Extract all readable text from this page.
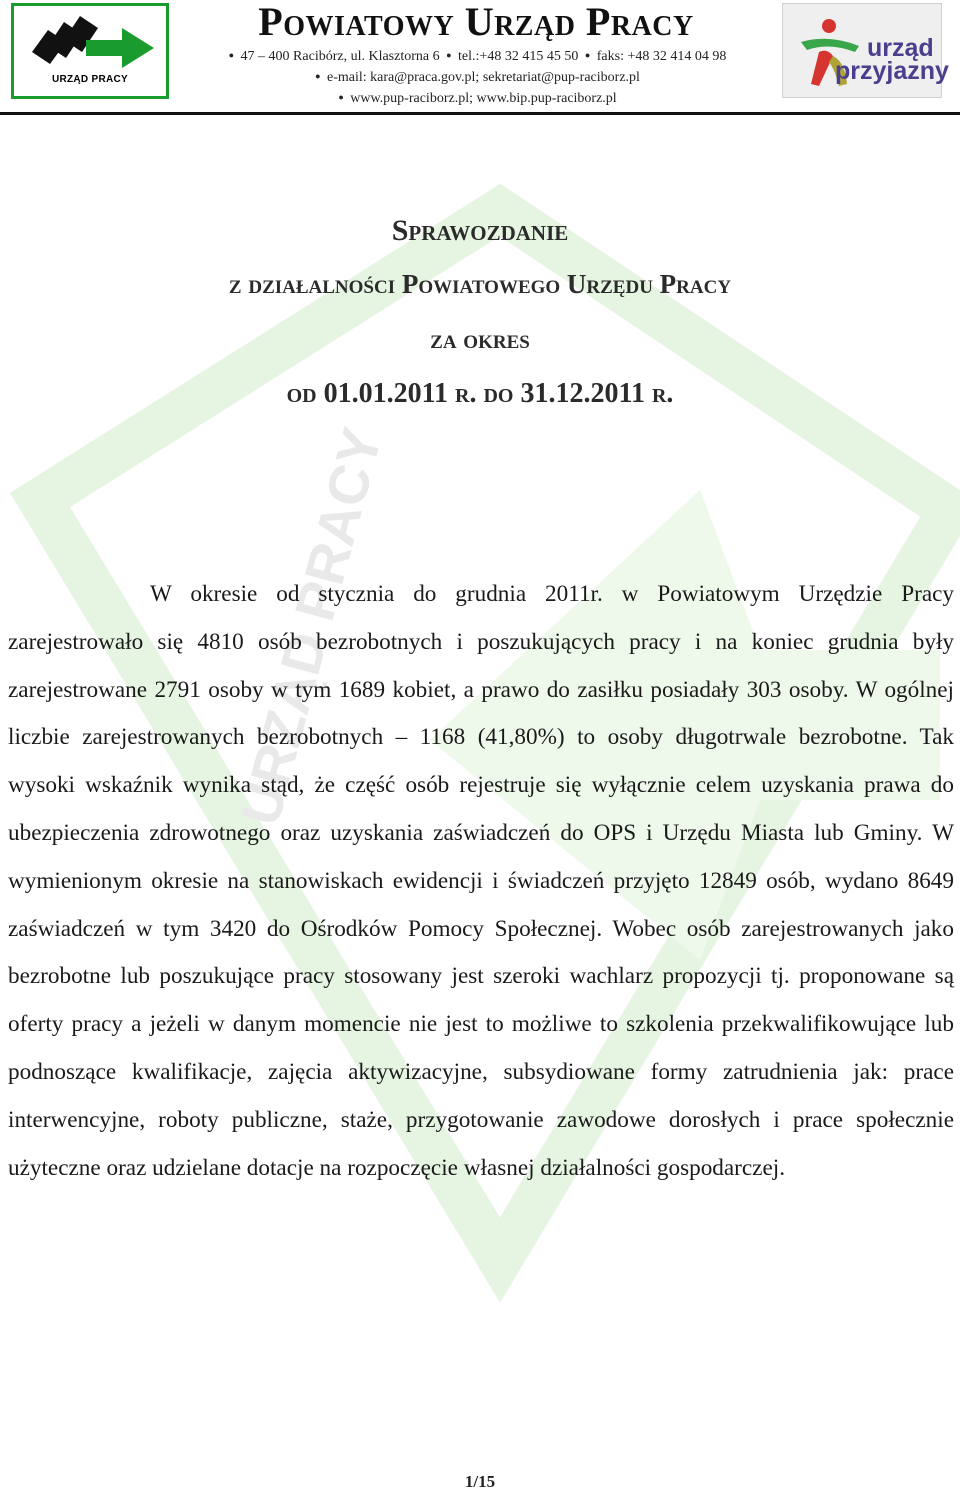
URZĄD PRACY
URZĄD PRACY
Powiatowy Urząd Pracy
● 47 – 400 Racibórz, ul. Klasztorna 6 ● tel.:+48 32 415 45 50 ● faks: +48 32 414 04 98
● e-mail: kara@praca.gov.pl; sekretariat@pup-raciborz.pl
● www.pup-raciborz.pl; www.bip.pup-raciborz.pl
urząd
przyjazny
Sprawozdanie
z działalności Powiatowego Urzędu Pracy
za okres
od 01.01.2011 r. do 31.12.2011 r.
W okresie od stycznia do grudnia 2011r. w Powiatowym Urzędzie Pracy zarejestrowało się 4810 osób bezrobotnych i poszukujących pracy i na koniec grudnia były zarejestrowane 2791 osoby w tym 1689 kobiet, a prawo do zasiłku posiadały 303 osoby. W ogólnej liczbie zarejestrowanych bezrobotnych – 1168 (41,80%) to osoby długotrwale bezrobotne. Tak wysoki wskaźnik wynika stąd, że część osób rejestruje się wyłącznie celem uzyskania prawa do ubezpieczenia zdrowotnego oraz uzyskania zaświadczeń do OPS i Urzędu Miasta lub Gminy. W wymienionym okresie na stanowiskach ewidencji i świadczeń przyjęto 12849 osób, wydano 8649 zaświadczeń w tym 3420 do Ośrodków Pomocy Społecznej. Wobec osób zarejestrowanych jako bezrobotne lub poszukujące pracy stosowany jest szeroki wachlarz propozycji tj. proponowane są oferty pracy a jeżeli w danym momencie nie jest to możliwe to szkolenia przekwalifikowujące lub podnoszące kwalifikacje, zajęcia aktywizacyjne, subsydiowane formy zatrudnienia jak: prace interwencyjne, roboty publiczne, staże, przygotowanie zawodowe dorosłych i prace społecznie użyteczne oraz udzielane dotacje na rozpoczęcie własnej działalności gospodarczej.
1/15
